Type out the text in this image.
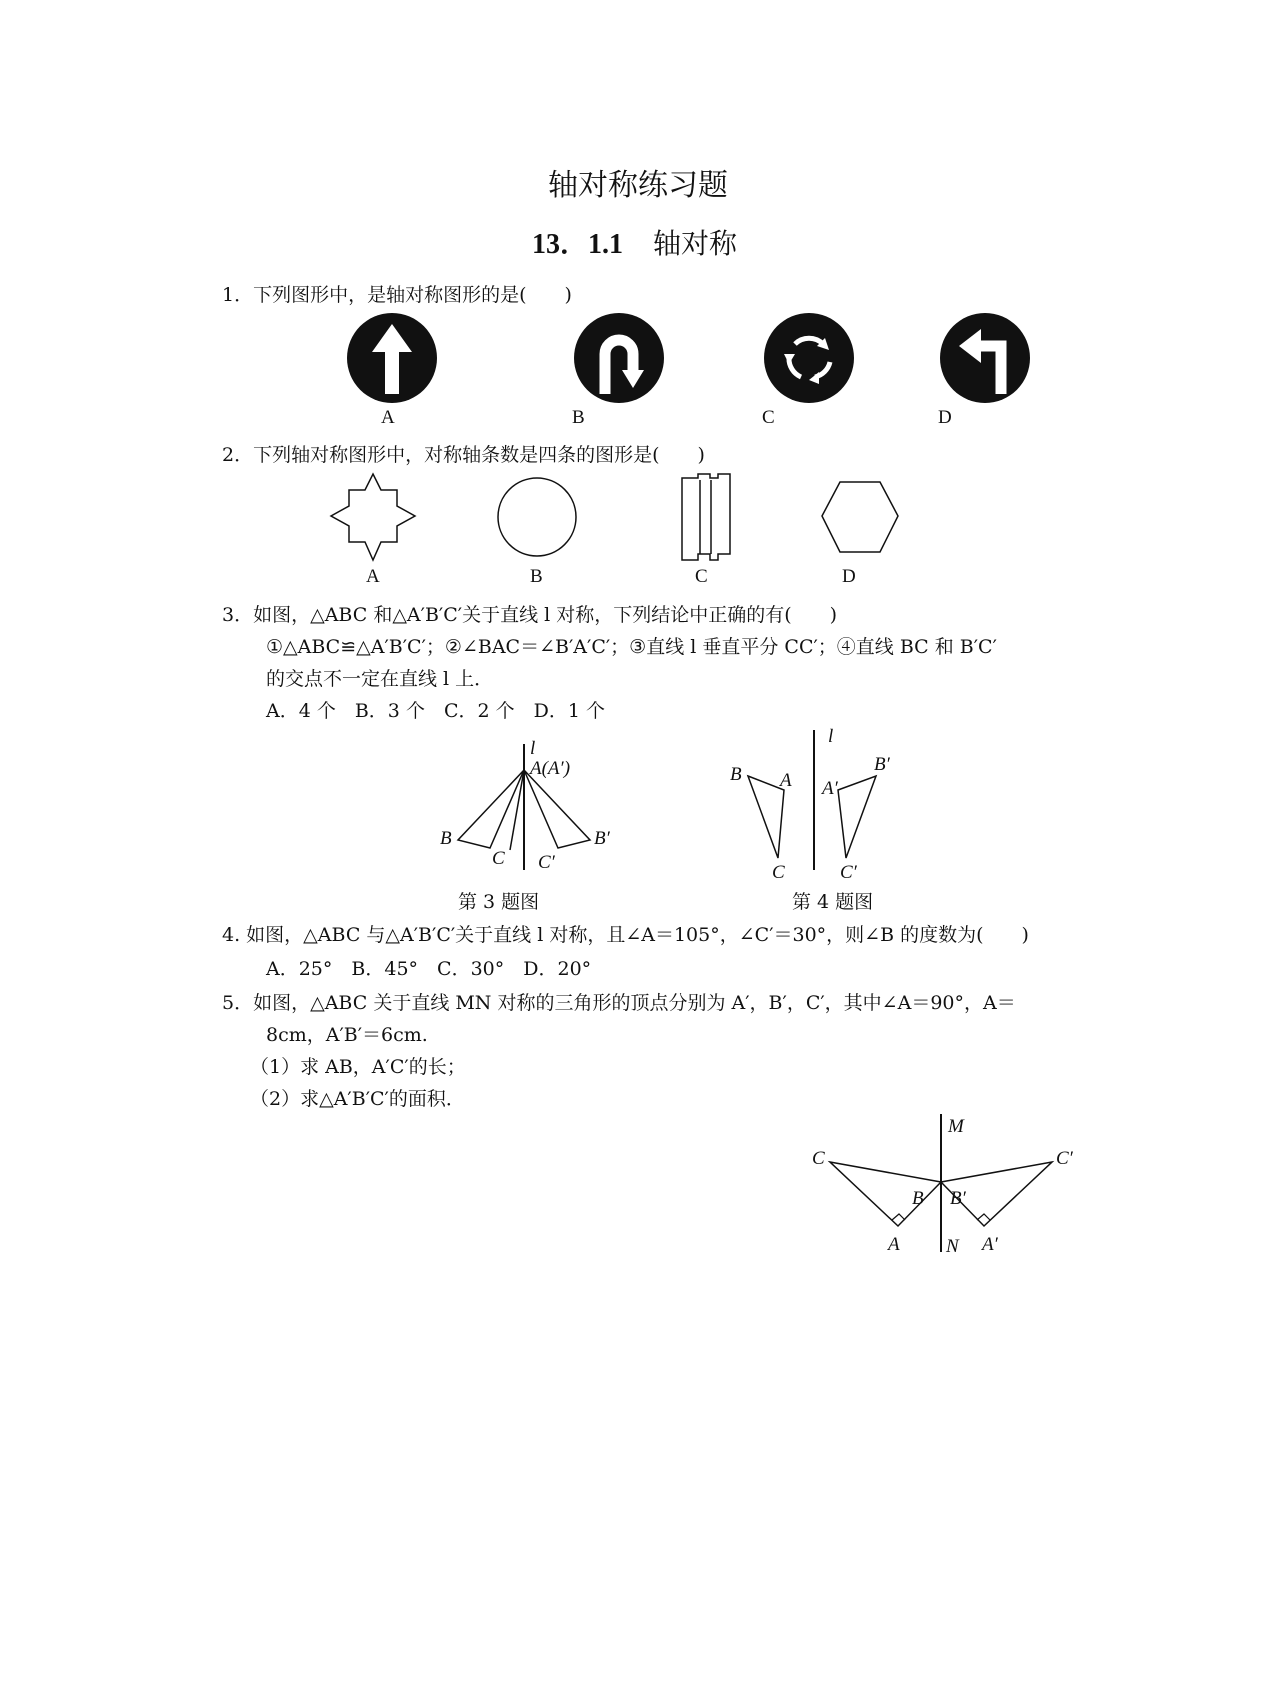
轴对称练习题
13．1.1 轴对称
1．下列图形中，是轴对称图形的是(　　)
A	B	C	D
2．下列轴对称图形中，对称轴条数是四条的图形是(　　)
A	B	C	D
3．如图，△ABC 和△A′B′C′关于直线 l 对称，下列结论中正确的有(　　)
①△ABC≌△A′B′C′；②∠BAC＝∠B′A′C′；③直线 l 垂直平分 CC′；④直线 BC 和 B′C′
的交点不一定在直线 l 上．
A．4 个　B．3 个　C．2 个　D．1 个
l
A(A′)
B
C C′
B′
第 3 题图
l
B A
C
A′
B′
C′
第 4 题图
4. 如图，△ABC 与△A′B′C′关于直线 l 对称，且∠A＝105°，∠C′＝30°，则∠B 的度数为(　　)
A．25°　B．45°　C．30°　D．20°
5．如图，△ABC 关于直线 MN 对称的三角形的顶点分别为 A′，B′，C′，其中∠A＝90°，A＝
8cm，A′B′＝6cm.
（1）求 AB，A′C′的长；
（2）求△A′B′C′的面积．
M
N
C
B
A
C′
B′
A′
